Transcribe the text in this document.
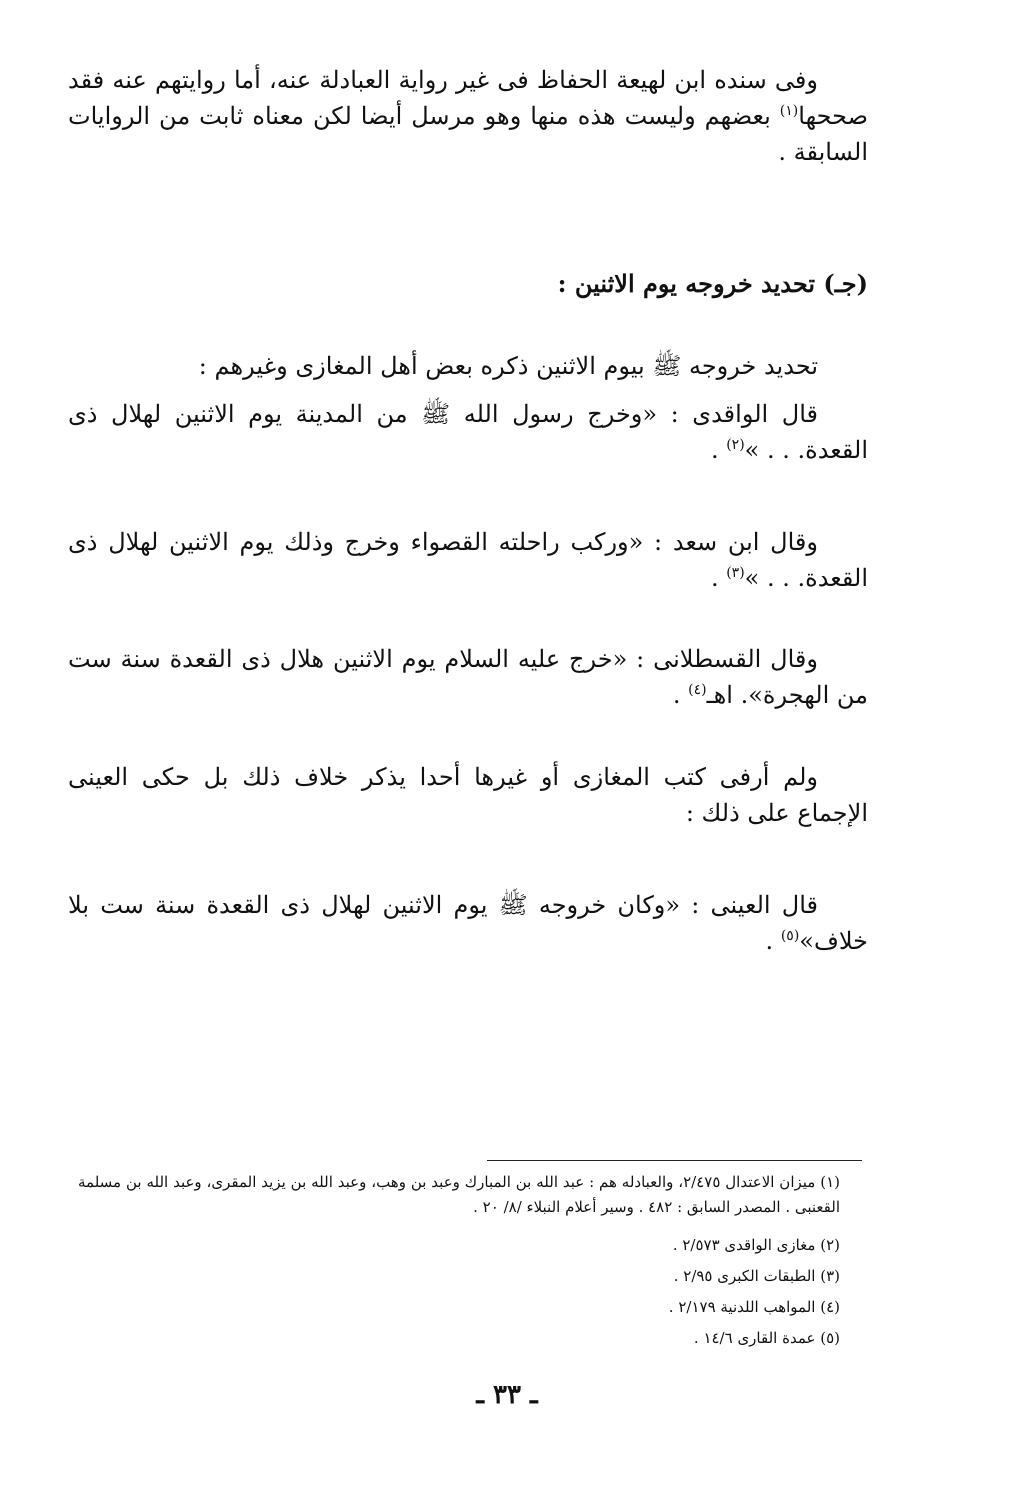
وفى سنده ابن لهيعة الحفاظ فى غير رواية العبادلة عنه، أما روايتهم عنه فقد صححها$^{(١)}$ بعضهم وليست هذه منها وهو مرسل أيضا لكن معناه ثابت من الروايات السابقة .

(جـ) تحديد خروجه يوم الاثنين :

تحديد خروجه ﷺ بيوم الاثنين ذكره بعض أهل المغازى وغيرهم :

قال الواقدى : «وخرج رسول الله ﷺ من المدينة يوم الاثنين لهلال ذى القعدة. . . »$^{(٢)}$ .

وقال ابن سعد : «وركب راحلته القصواء وخرج وذلك يوم الاثنين لهلال ذى القعدة. . . »$^{(٣)}$ .

وقال القسطلانى : «خرج عليه السلام يوم الاثنين هلال ذى القعدة سنة ست من الهجرة». اهـ$^{(٤)}$ .

ولم أرفى كتب المغازى أو غيرها أحدا يذكر خلاف ذلك بل حكى العينى الإجماع على ذلك :

قال العينى : «وكان خروجه ﷺ يوم الاثنين لهلال ذى القعدة سنة ست بلا خلاف»$^{(٥)}$ .

(١) ميزان الاعتدال ٢/٤٧٥، والعبادله هم : عبد الله بن المبارك وعبد بن وهب، وعبد الله بن يزيد المقرى، وعبد الله بن مسلمة القعنبى . المصدر السابق : ٤٨٢ . وسير أعلام النبلاء /٨/ ٢٠ .

(٢) مغازى الواقدى ٢/٥٧٣ .

(٣) الطبقات الكبرى ٢/٩٥ .

(٤) المواهب اللدنية ٢/١٧٩ .

(٥) عمدة القارى ١٤/٦ .

ـ ٣٣ ـ
